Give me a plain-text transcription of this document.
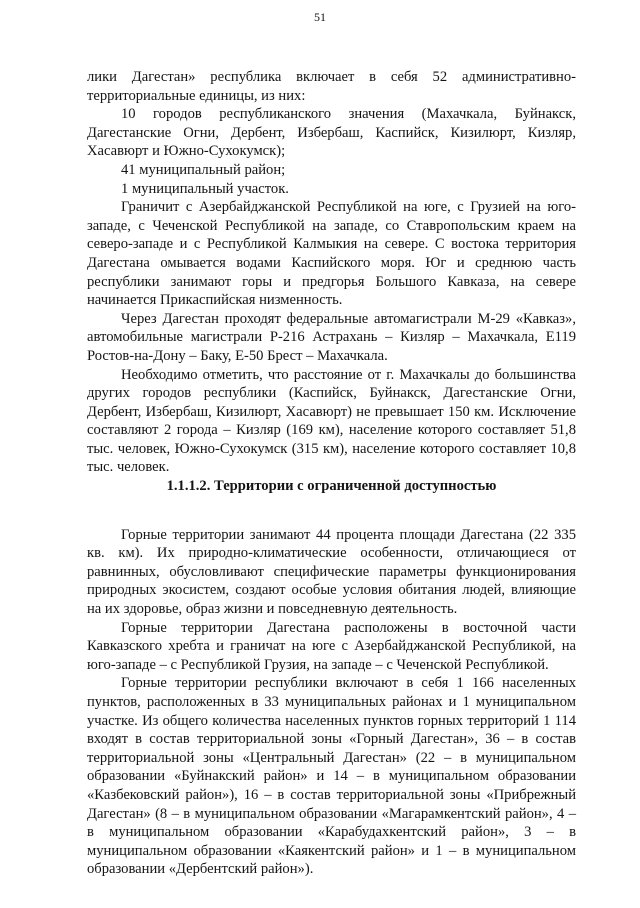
51

лики Дагестан» республика включает в себя 52 административно-территориальные единицы, из них:

10 городов республиканского значения (Махачкала, Буйнакск, Дагестанские Огни, Дербент, Избербаш, Каспийск, Кизилюрт, Кизляр, Хасавюрт и Южно-Сухокумск);

41 муниципальный район;

1 муниципальный участок.

Граничит с Азербайджанской Республикой на юге, с Грузией на юго-западе, с Чеченской Республикой на западе, со Ставропольским краем на северо-западе и с Республикой Калмыкия на севере. С востока территория Дагестана омывается водами Каспийского моря. Юг и среднюю часть республики занимают горы и предгорья Большого Кавказа, на севере начинается Прикаспийская низменность.

Через Дагестан проходят федеральные автомагистрали М-29 «Кавказ», автомобильные магистрали Р-216 Астрахань – Кизляр – Махачкала, Е119 Ростов-на-Дону – Баку, Е-50 Брест – Махачкала.

Необходимо отметить, что расстояние от г. Махачкалы до большинства других городов республики (Каспийск, Буйнакск, Дагестанские Огни, Дербент, Избербаш, Кизилюрт, Хасавюрт) не превышает 150 км. Исключение составляют 2 города – Кизляр (169 км), население которого составляет 51,8 тыс. человек, Южно-Сухокумск (315 км), население которого составляет 10,8 тыс. человек.

1.1.1.2. Территории с ограниченной доступностью

Горные территории занимают 44 процента площади Дагестана (22 335 кв. км). Их природно-климатические особенности, отличающиеся от равнинных, обусловливают специфические параметры функционирования природных экосистем, создают особые условия обитания людей, влияющие на их здоровье, образ жизни и повседневную деятельность.

Горные территории Дагестана расположены в восточной части Кавказского хребта и граничат на юге с Азербайджанской Республикой, на юго-западе – с Республикой Грузия, на западе – с Чеченской Республикой.

Горные территории республики включают в себя 1 166 населенных пунктов, расположенных в 33 муниципальных районах и 1 муниципальном участке. Из общего количества населенных пунктов горных территорий 1 114 входят в состав территориальной зоны «Горный Дагестан», 36 – в состав территориальной зоны «Центральный Дагестан» (22 – в муниципальном образовании «Буйнакский район» и 14 – в муниципальном образовании «Казбековский район»), 16 – в состав территориальной зоны «Прибрежный Дагестан» (8 – в муниципальном образовании «Магарамкентский район», 4 – в муниципальном образовании «Карабудахкентский район», 3 – в муниципальном образовании «Каякентский район» и 1 – в муниципальном образовании «Дербентский район»).
